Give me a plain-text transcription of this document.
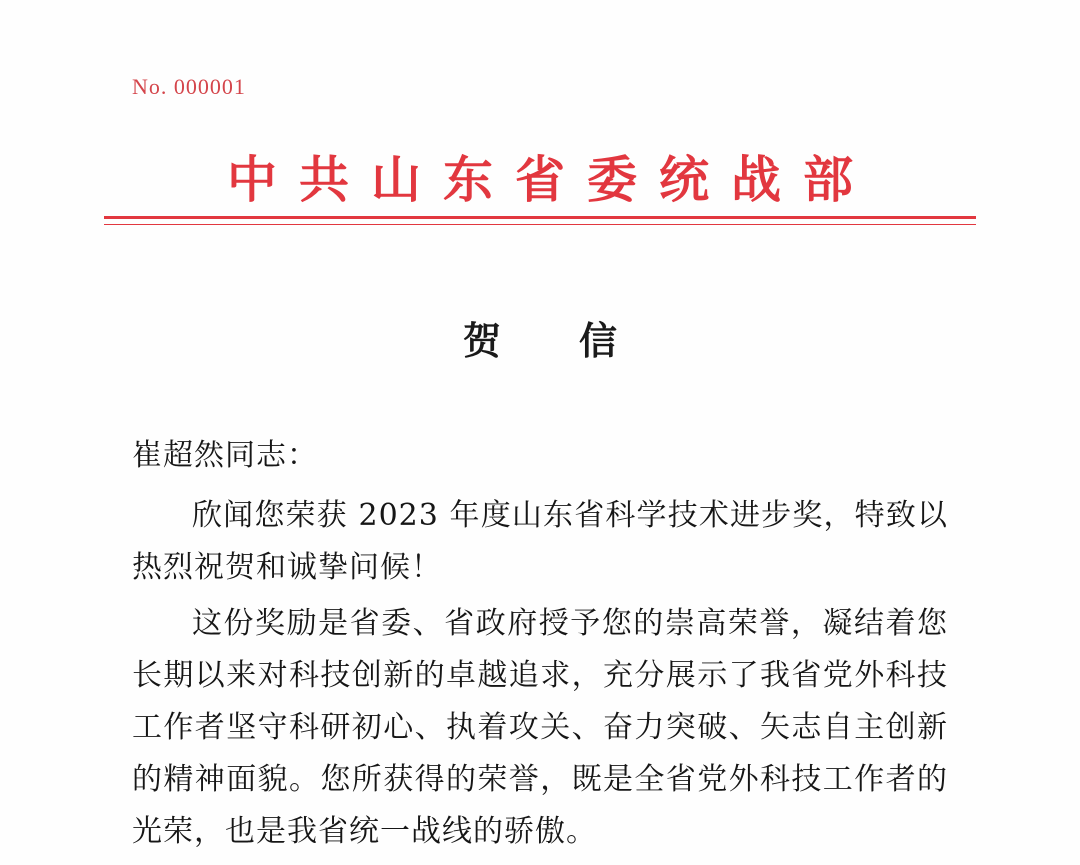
No. 000001
中共山东省委统战部
贺　信
崔超然同志：

欣闻您荣获 2023 年度山东省科学技术进步奖，特致以热烈祝贺和诚挚问候！

这份奖励是省委、省政府授予您的崇高荣誉，凝结着您长期以来对科技创新的卓越追求，充分展示了我省党外科技工作者坚守科研初心、执着攻关、奋力突破、矢志自主创新的精神面貌。您所获得的荣誉，既是全省党外科技工作者的光荣，也是我省统一战线的骄傲。
